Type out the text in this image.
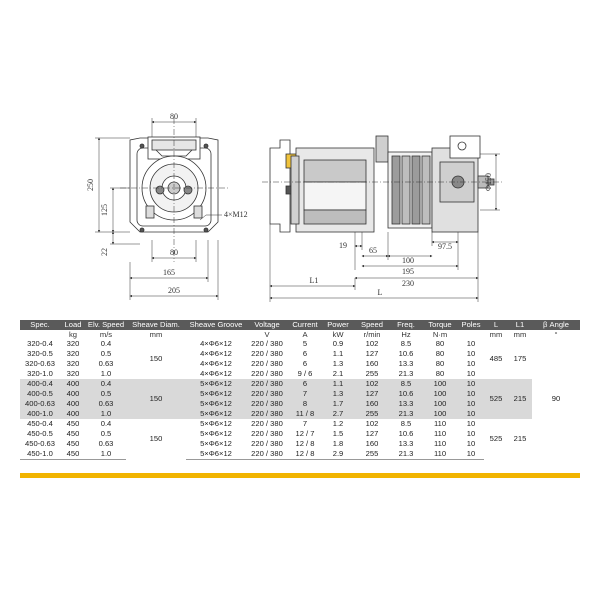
80
250
125	4×M12
22	80
165
205
Φ150
19
65
100
97.5
195
230
L1
L
Spec.	Load	Elv. Speed	Sheave Diam.	Sheave Groove	Voltage	Current	Power	Speed	Freq.	Torque	Poles	L	L1	β Angle
	kg	m/s	mm		V	A	kW	r/min	Hz	N·m		mm	mm	°
320-0.4	320	0.4	150	4×Φ6×12	220 / 380	5	0.9	102	8.5	80	10	485	175	90
320-0.5	320	0.5		4×Φ6×12	220 / 380	6	1.1	127	10.6	80	10			
320-0.63	320	0.63		4×Φ6×12	220 / 380	6	1.3	160	13.3	80	10			
320-1.0	320	1.0		4×Φ6×12	220 / 380	9 / 6	2.1	255	21.3	80	10			
400-0.4	400	0.4	150	5×Φ6×12	220 / 380	6	1.1	102	8.5	100	10	525	215	
400-0.5	400	0.5		5×Φ6×12	220 / 380	7	1.3	127	10.6	100	10			
400-0.63	400	0.63		5×Φ6×12	220 / 380	8	1.7	160	13.3	100	10			
400-1.0	400	1.0		5×Φ6×12	220 / 380	11 / 8	2.7	255	21.3	100	10			
450-0.4	450	0.4	150	5×Φ6×12	220 / 380	7	1.2	102	8.5	110	10	525	215	
450-0.5	450	0.5		5×Φ6×12	220 / 380	12 / 7	1.5	127	10.6	110	10			
450-0.63	450	0.63		5×Φ6×12	220 / 380	12 / 8	1.8	160	13.3	110	10			
450-1.0	450	1.0		5×Φ6×12	220 / 380	12 / 8	2.9	255	21.3	110	10			
